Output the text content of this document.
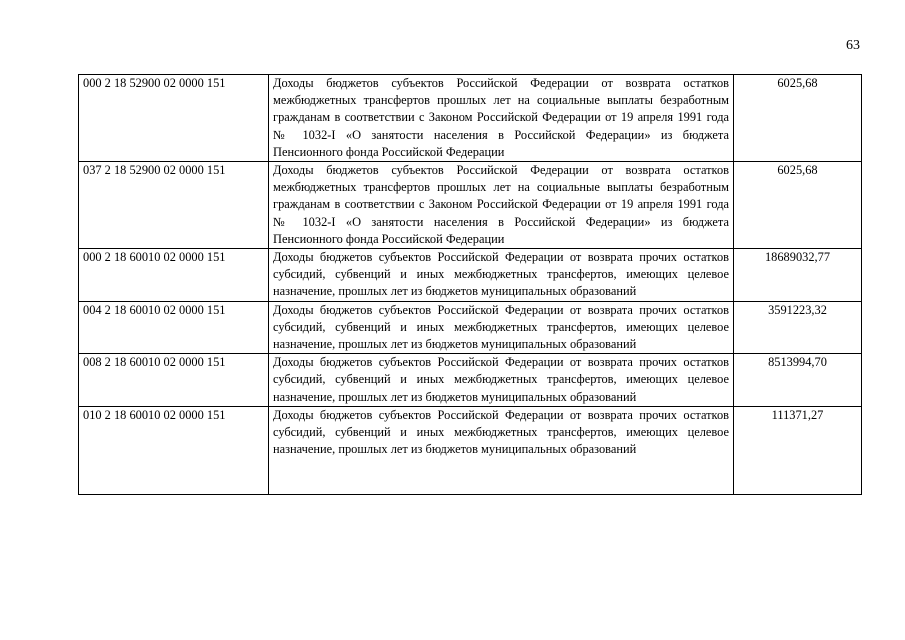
63
000 2 18 52900 02 0000 151	Доходы бюджетов субъектов Российской Федерации от возврата остатков межбюджетных трансфертов прошлых лет на социальные выплаты безработным гражданам в соответствии с Законом Российской Федерации от 19 апреля 1991 года № 1032-I «О занятости населения в Российской Федерации» из бюджета Пенсионного фонда Российской Федерации	6025,68
037 2 18 52900 02 0000 151	Доходы бюджетов субъектов Российской Федерации от возврата остатков межбюджетных трансфертов прошлых лет на социальные выплаты безработным гражданам в соответствии с Законом Российской Федерации от 19 апреля 1991 года № 1032-I «О занятости населения в Российской Федерации» из бюджета Пенсионного фонда Российской Федерации	6025,68
000 2 18 60010 02 0000 151	Доходы бюджетов субъектов Российской Федерации от возврата прочих остатков субсидий, субвенций и иных межбюджетных трансфертов, имеющих целевое назначение, прошлых лет из бюджетов муниципальных образований	18689032,77
004 2 18 60010 02 0000 151	Доходы бюджетов субъектов Российской Федерации от возврата прочих остатков субсидий, субвенций и иных межбюджетных трансфертов, имеющих целевое назначение, прошлых лет из бюджетов муниципальных образований	3591223,32
008 2 18 60010 02 0000 151	Доходы бюджетов субъектов Российской Федерации от возврата прочих остатков субсидий, субвенций и иных межбюджетных трансфертов, имеющих целевое назначение, прошлых лет из бюджетов муниципальных образований	8513994,70
010 2 18 60010 02 0000 151	Доходы бюджетов субъектов Российской Федерации от возврата прочих остатков субсидий, субвенций и иных межбюджетных трансфертов, имеющих целевое назначение, прошлых лет из бюджетов муниципальных образований	111371,27
